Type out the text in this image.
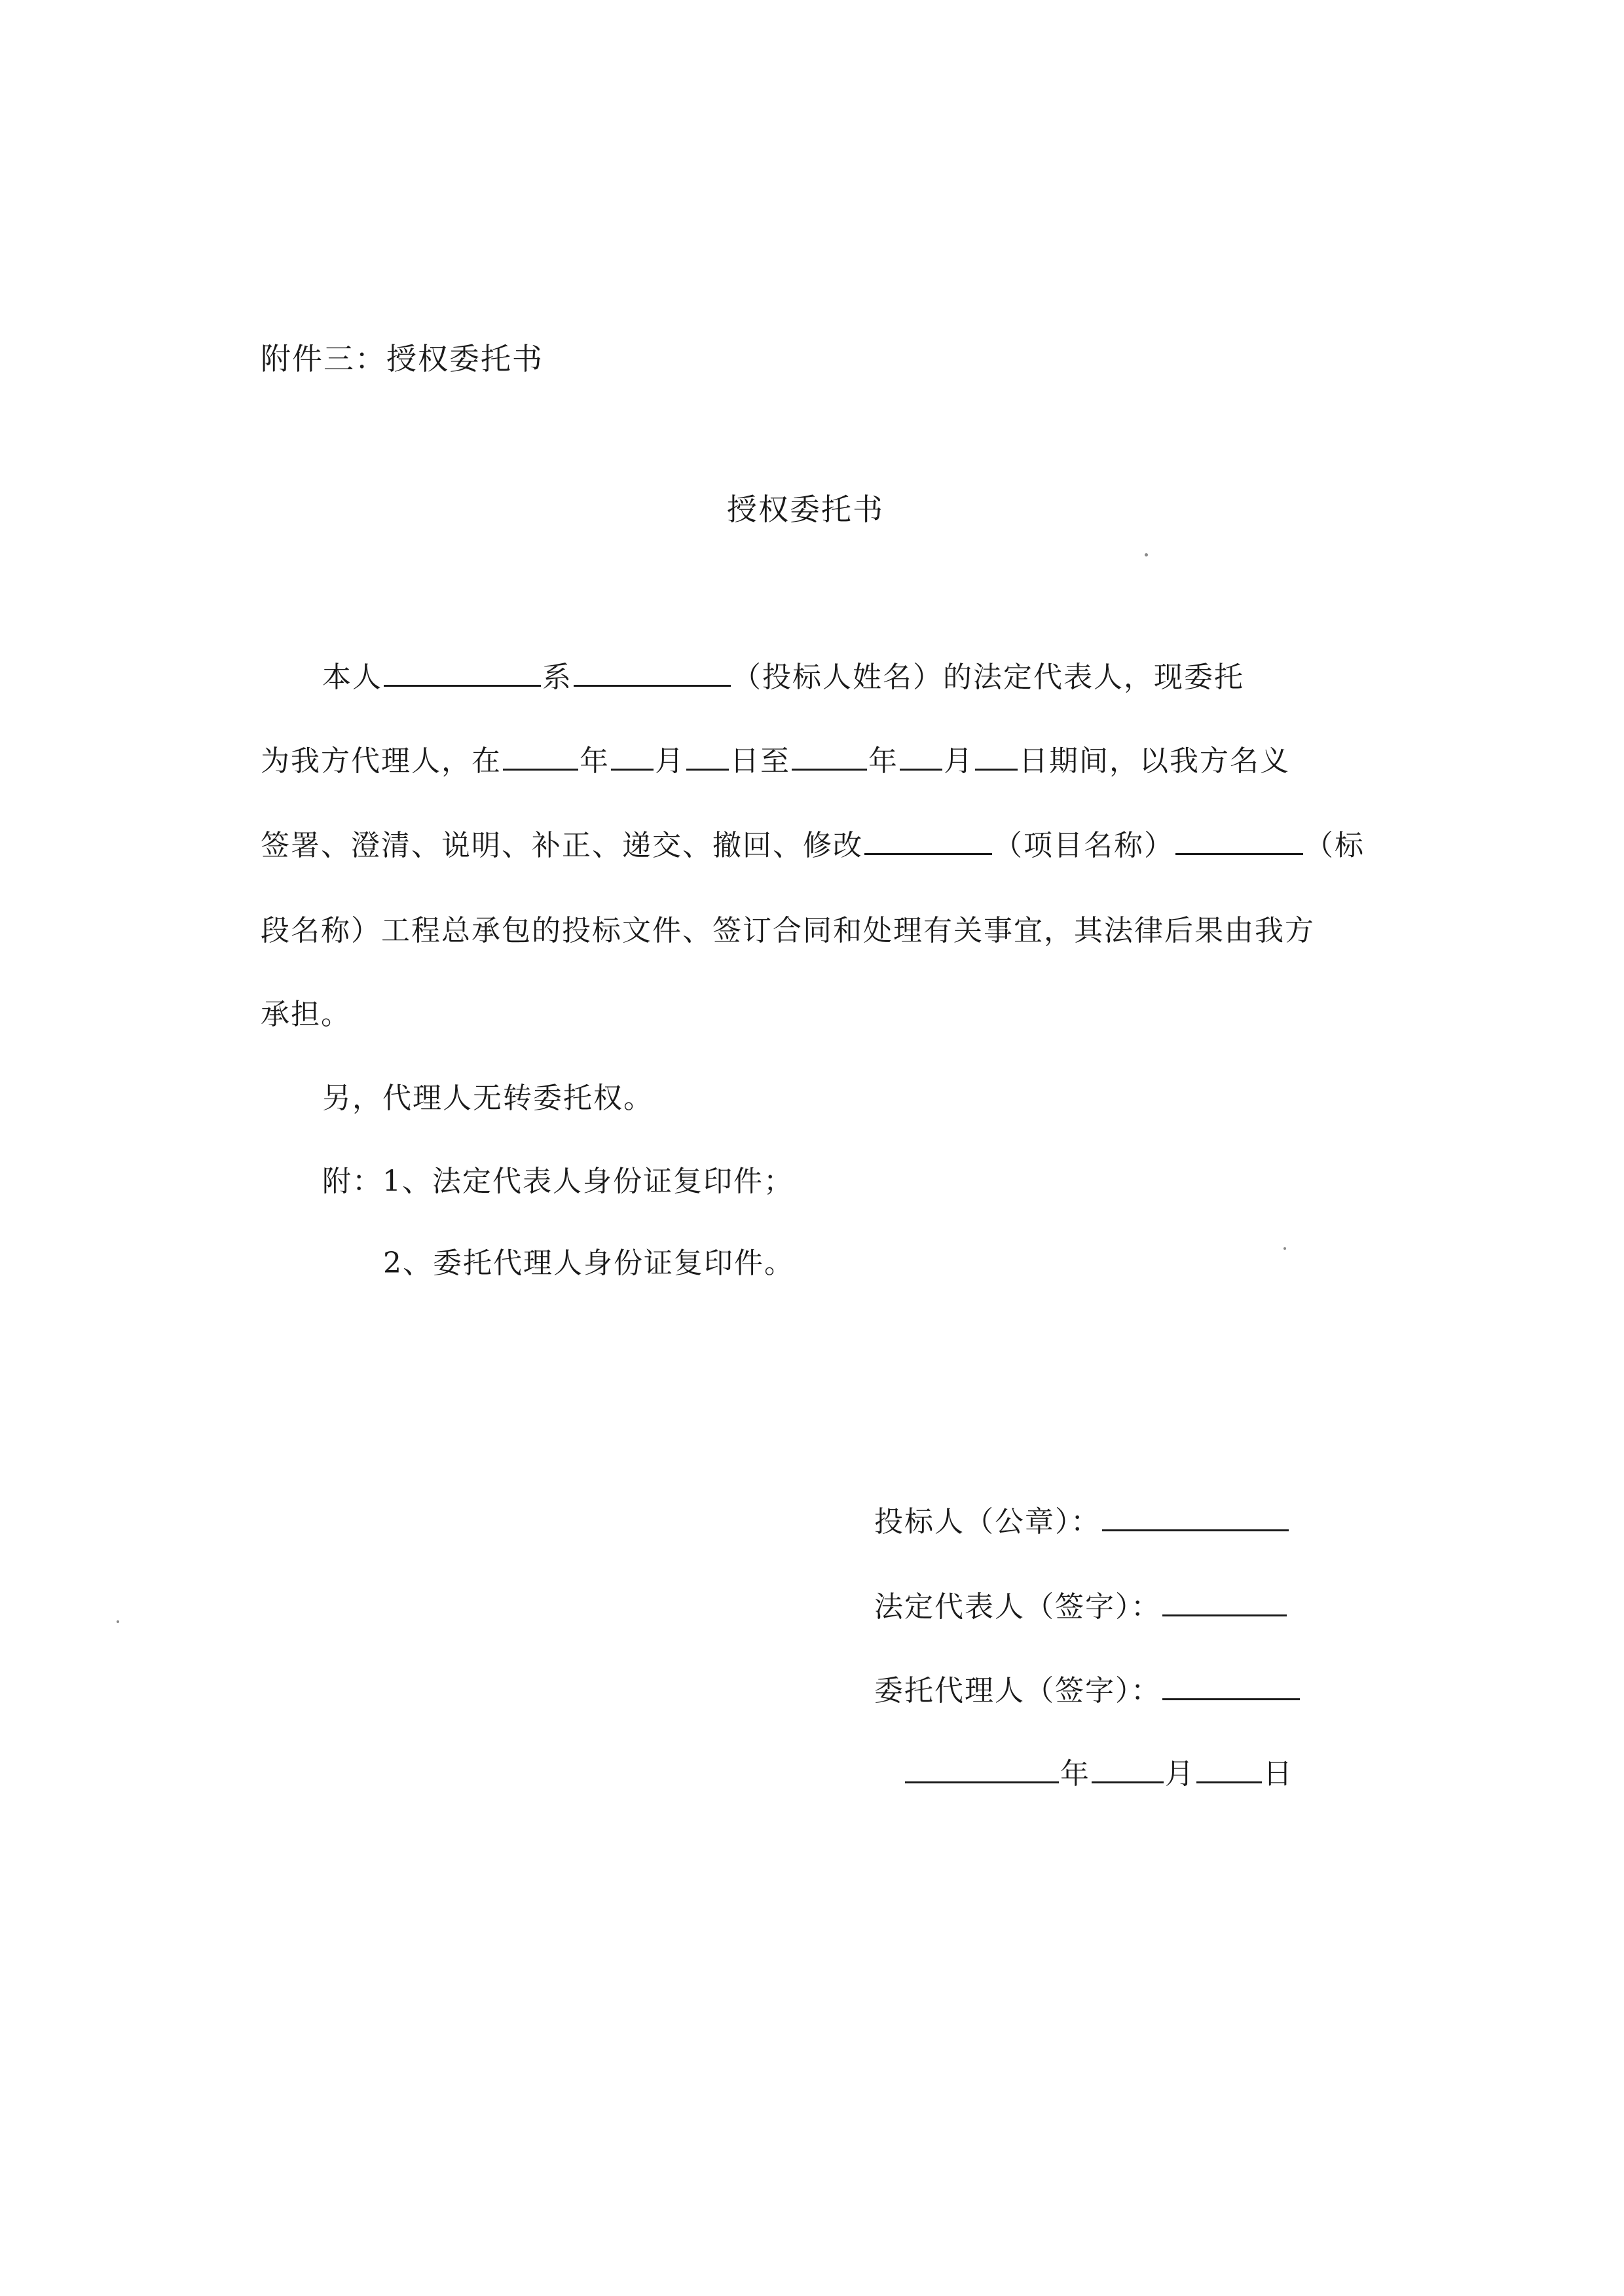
附件三：授权委托书
授权委托书
本人	系	（投标人姓名）的法定代表人，现委托
为我方代理人，在	年 月 日至	年 月 日期间，以我方名义
签署、澄清、说明、补正、递交、撤回、修改	（项目名称）	（标
段名称）工程总承包的投标文件、签订合同和处理有关事宜，其法律后果由我方
承担。
另，代理人无转委托权。
附：1、法定代表人身份证复印件；
2、委托代理人身份证复印件。
投标人（公章）：
法定代表人（签字）：
委托代理人（签字）：
年	月 日
